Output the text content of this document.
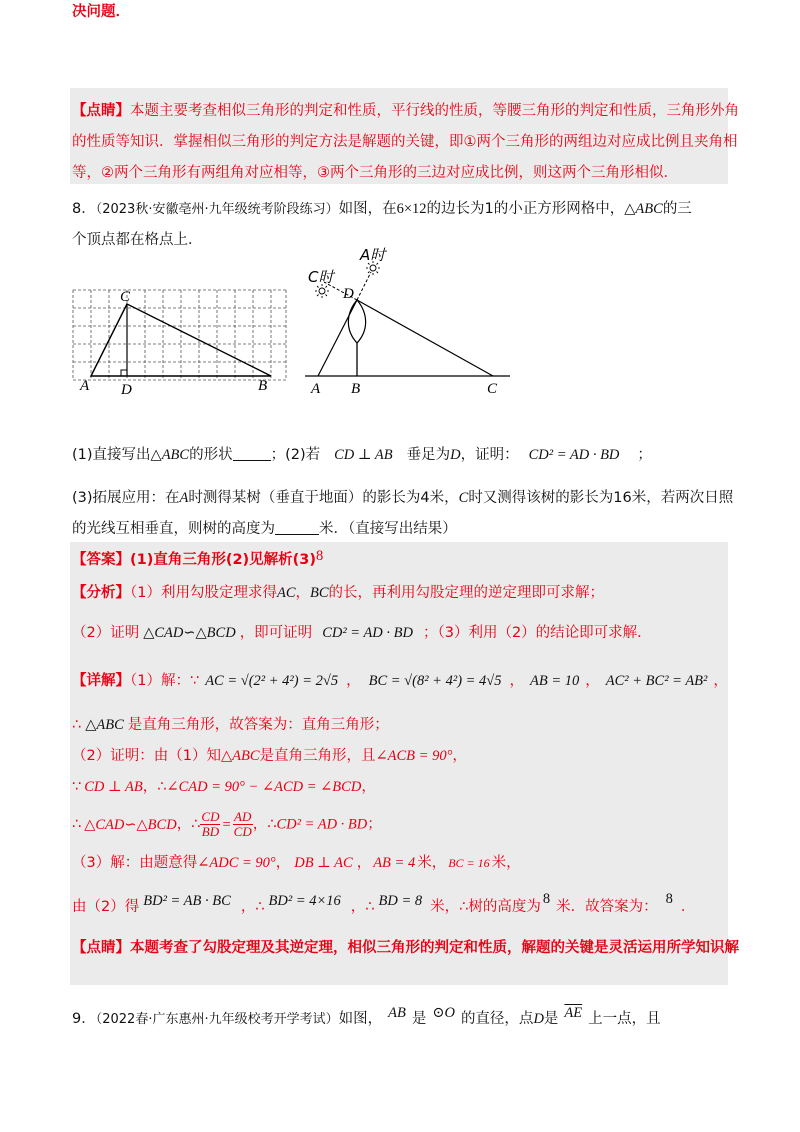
【点睛】本题主要考查相似三角形的判定和性质，平行线的性质，等腰三角形的判定和性质，三角形外角
的性质等知识．掌握相似三角形的判定方法是解题的关键，即①两个三角形的两组边对应成比例且夹角相
等，②两个三角形有两组角对应相等，③两个三角形的三边对应成比例，则这两个三角形相似．
8．（2023秋·安徽亳州·九年级统考阶段练习）如图，在6×12的边长为1的小正方形网格中，△ABC的三
个顶点都在格点上．
C
A D	B
A时
C时
D
A B	C
(1)直接写出△ABC的形状	；(2)若 CD ⊥ AB 垂足为D，证明： CD² = AD · BD ；
(3)拓展应用：在A时测得某树（垂直于地面）的影长为4米，C时又测得该树的影长为16米，若两次日照
的光线互相垂直，则树的高度为	米．（直接写出结果）
【答案】(1)直角三角形(2)见解析(3)8
【分析】（1）利用勾股定理求得AC，BC的长，再利用勾股定理的逆定理即可求解；
（2）证明 △CAD∽△BCD ，即可证明 CD² = AD · BD ；（3）利用（2）的结论即可求解．
【详解】（1）解：∵ AC = √(2² + 4²) = 2√5 ， BC = √(8² + 4²) = 4√5 ， AB = 10 ， AC² + BC² = AB² ，
∴ △ABC 是直角三角形，故答案为：直角三角形；
（2）证明：由（1）知△ABC是直角三角形，且∠ACB = 90°，
∵ CD ⊥ AB，∴∠CAD = 90° − ∠ACD = ∠BCD，
∴ △CAD∽△BCD，∴ $\frac{CD}{BD} = \frac{AD}{CD}$ ，∴CD² = AD · BD；
（3）解：由题意得∠ADC = 90°， DB ⊥ AC ， AB = 4 米， BC = 16 米，
由（2）得 BD² = AB · BC ，∴ BD² = 4×16 ，∴ BD = 8 米，∴树的高度为 8 米．故答案为： 8 ．
【点睛】本题考查了勾股定理及其逆定理，相似三角形的判定和性质，解题的关键是灵活运用所学知识解
决问题．
9．（2022春·广东惠州·九年级校考开学考试）如图， AB 是 ⊙O 的直径，点D是 $\overline{AE}$ 上一点，且
